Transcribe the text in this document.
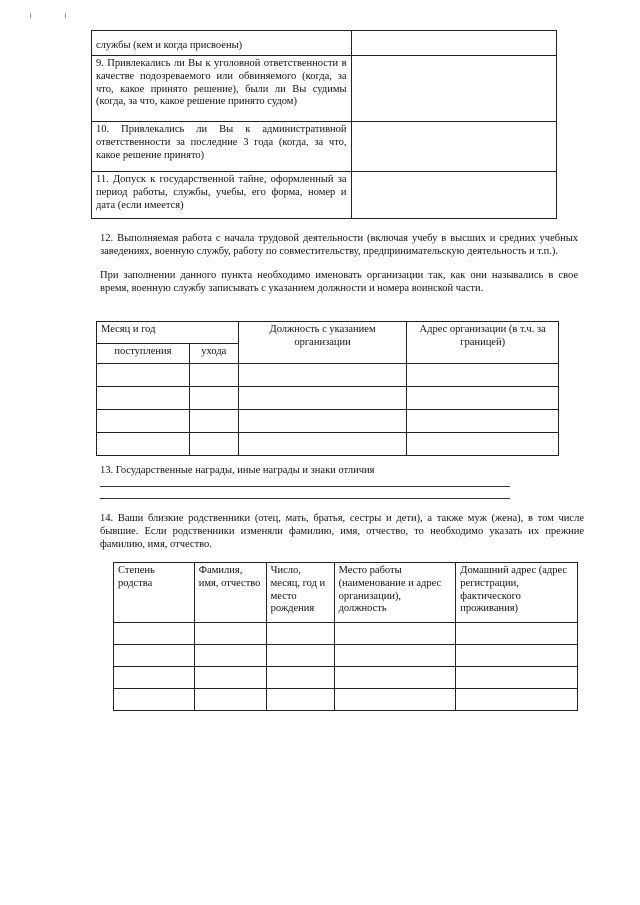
службы (кем и когда присвоены)	

9. Привлекались ли Вы к уголовной ответственности в качестве подозреваемого или обвиняемого (когда, за что, какое принято решение), были ли Вы судимы (когда, за что, какое решение принято судом)	

10. Привлекались ли Вы к административной ответственности за последние 3 года (когда, за что, какое решение принято)	

11. Допуск к государственной тайне, оформленный за период работы, службы, учебы, его форма, номер и дата (если имеется)	

12. Выполняемая работа с начала трудовой деятельности (включая учебу в высших и средних учебных заведениях, военную службу, работу по совместительству, предпринимательскую деятельность и т.п.).
При заполнении данного пункта необходимо именовать организации так, как они назывались в свое время, военную службу записывать с указанием должности и номера воинской части.
Месяц и год		Должность с указанием организации	Адрес организации (в т.ч. за границей)
поступления	ухода		

13. Государственные награды, иные награды и знаки отличия
14. Ваши близкие родственники (отец, мать, братья, сестры и дети), а также муж (жена), в том числе бывшие. Если родственники изменяли фамилию, имя, отчество, то необходимо указать их прежние фамилию, имя, отчество.
Степень родства	Фамилия, имя, отчество	Число, месяц, год и место рождения	Место работы (наименование и адрес организации), должность	Домашний адрес (адрес регистрации, фактического проживания)
